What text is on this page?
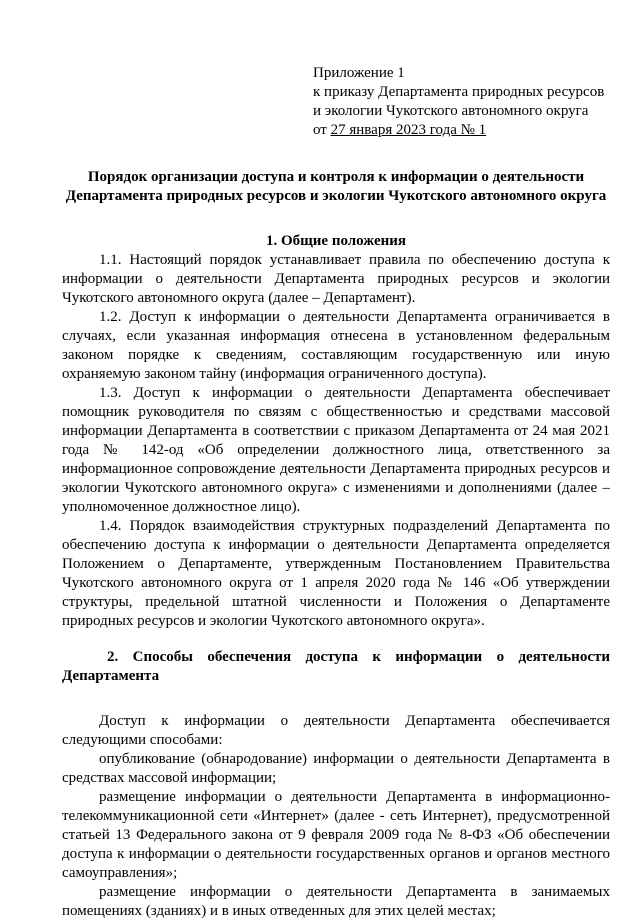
Приложение 1
к приказу Департамента природных ресурсов
и экологии Чукотского автономного округа
от 27 января 2023 года № 1
Порядок организации доступа и контроля к информации о деятельности
Департамента природных ресурсов и экологии Чукотского автономного округа
1. Общие положения

1.1. Настоящий порядок устанавливает правила по обеспечению доступа к информации о деятельности Департамента природных ресурсов и экологии Чукотского автономного округа (далее – Департамент).

1.2. Доступ к информации о деятельности Департамента ограничивается в случаях, если указанная информация отнесена в установленном федеральным законом порядке к сведениям, составляющим государственную или иную охраняемую законом тайну (информация ограниченного доступа).

1.3. Доступ к информации о деятельности Департамента обеспечивает помощник руководителя по связям с общественностью и средствами массовой информации Департамента в соответствии с приказом Департамента от 24 мая 2021 года № 142-од «Об определении должностного лица, ответственного за информационное сопровождение деятельности Департамента природных ресурсов и экологии Чукотского автономного округа» с изменениями и дополнениями (далее – уполномоченное должностное лицо).

1.4. Порядок взаимодействия структурных подразделений Департамента по обеспечению доступа к информации о деятельности Департамента определяется Положением о Департаменте, утвержденным Постановлением Правительства Чукотского автономного округа от 1 апреля 2020 года № 146 «Об утверждении структуры, предельной штатной численности и Положения о Департаменте природных ресурсов и экологии Чукотского автономного округа».

2. Способы обеспечения доступа к информации о деятельности Департамента

Доступ к информации о деятельности Департамента обеспечивается следующими способами:

опубликование (обнародование) информации о деятельности Департамента в средствах массовой информации;

размещение информации о деятельности Департамента в информационно-телекоммуникационной сети «Интернет» (далее - сеть Интернет), предусмотренной статьей 13 Федерального закона от 9 февраля 2009 года № 8-ФЗ «Об обеспечении доступа к информации о деятельности государственных органов и органов местного самоуправления»;

размещение информации о деятельности Департамента в занимаемых помещениях (зданиях) и в иных отведенных для этих целей местах;
